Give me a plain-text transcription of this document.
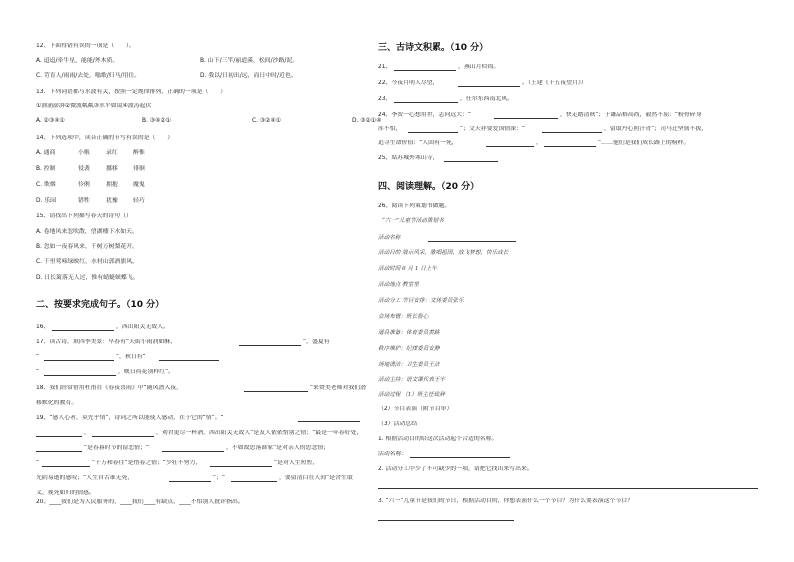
12、下面得错有误的一项是（　　）。
A. 迢迢/牵牛星，能能/斧木质。	B. 山下/三竿/丽道溪，松间/沙路/泥。
C. 苛育人/雨雨/去处，嗡歌/归马/用住。	D. 我以/日初出/远，而日中时/近也。
13、下列词语都与水波有关，按照一定规律排列，正确的一项是（　　）
①汹涌澎湃②微波粼粼③水平如镜④波涛起伏
A. ②③④①	B. ③④②①	C. ③②④①	D. ③②①④
14、下列选项中，读音正确的节写有误的是（　　）
A. 通商	小贩	录红	醉惟
B. 控制	侵袭	挪移	徘徊
C. 欺烟	伶俐	拥抱	魔鬼
D. 乐园	错牲	犹豫	轻巧
15、请找出下列描写春天的诗句（）
A. 卷地风来忽吹散，望湖楼下水如天。
B. 忽如一夜春风来，千树万树梨花开。
C. 千里莺啼绿映红，水村山郭酒旗风。
D. 日长篱落无人过，惟有蜻蜓蛱蝶飞。
二、按要求完成句子。（10 分）
16、	，西出阳关无故人。
17、读古诗，填四季美景：早春有“天街小雨润如酥，	”，盛夏有
“	”，秋日有“
“	，映日荷花别样红”。
18、我们经常借用杜甫在《春夜喜雨》中“随风潜入夜，	”来赞美老师对我们潜
移默化的教育。
19、“感人心者，莫先乎情”，诗词之所以能使人感动，在于它的“情”。“
，	，劝君更尽一杯酒，西出阳关无故人”是友人依依惜别之情；“最是一年春好处，
”是春暮时节的留恋情；“	，不如故思落谁家”是对亲人的思念情；
“	”千万和春住”是惜春之情；“少壮不努力，	”是对人生短暂，
光阴易逝的感叹；“人生自古谁无死，	”；“	，要留清白在人间”是舍生取
义、视死如归的情感。
20、____我们是为人民服务的，____我们____有缺点，____不怕别人批评指出。
三、古诗文积累。（10 分）
21、	，燕山月似钩。
22、今夜月明人尽望，	。（王建《十五夜望月》）
23、	，任尔东西南北风。
24、李贺一心想用世，志向远大：“	，快走踏清秋”；于谦品格高尚，毅然不屈：“粉骨碎身
浑不怕，	”；文天祥要爱国情深：“	，留取丹心照汗青”；司马迁坚韧不拔，
追寻生命价值：“人固有一死，	，	”……他们是我们成长路上的榜样。
25、姑苏城外寒山寺，
四、阅读理解。（20 分）
26、阅读下列策划书做题。
“六一”儿童节活动策划书
活动名称
活动目的 展示风采，歌唱祖国，放飞梦想，快乐成长
活动时间 6 月 1 日上午
活动地点 教室里
活动分工 节目安排：文体委员张乐
会场布置：班长鲁心
道具准备：体育委员黄路
秩序维护：纪律委员安静
场地清洁：卫生委员王洁
活动主持：语文课代表王宇
活动过程 （1）班主任致辞
（2）节目表演（附节目单）
（3）活动总结
1. 根据活动目的给这次活动起个合适的名称。
活动名称：
2. 活动分工中少了不可缺少的一项，请把它找出来写出来。
3. “六一”儿童节是我们的节日，根据活动目的，你想表演什么一个节目？为什么要表演这个节目？
